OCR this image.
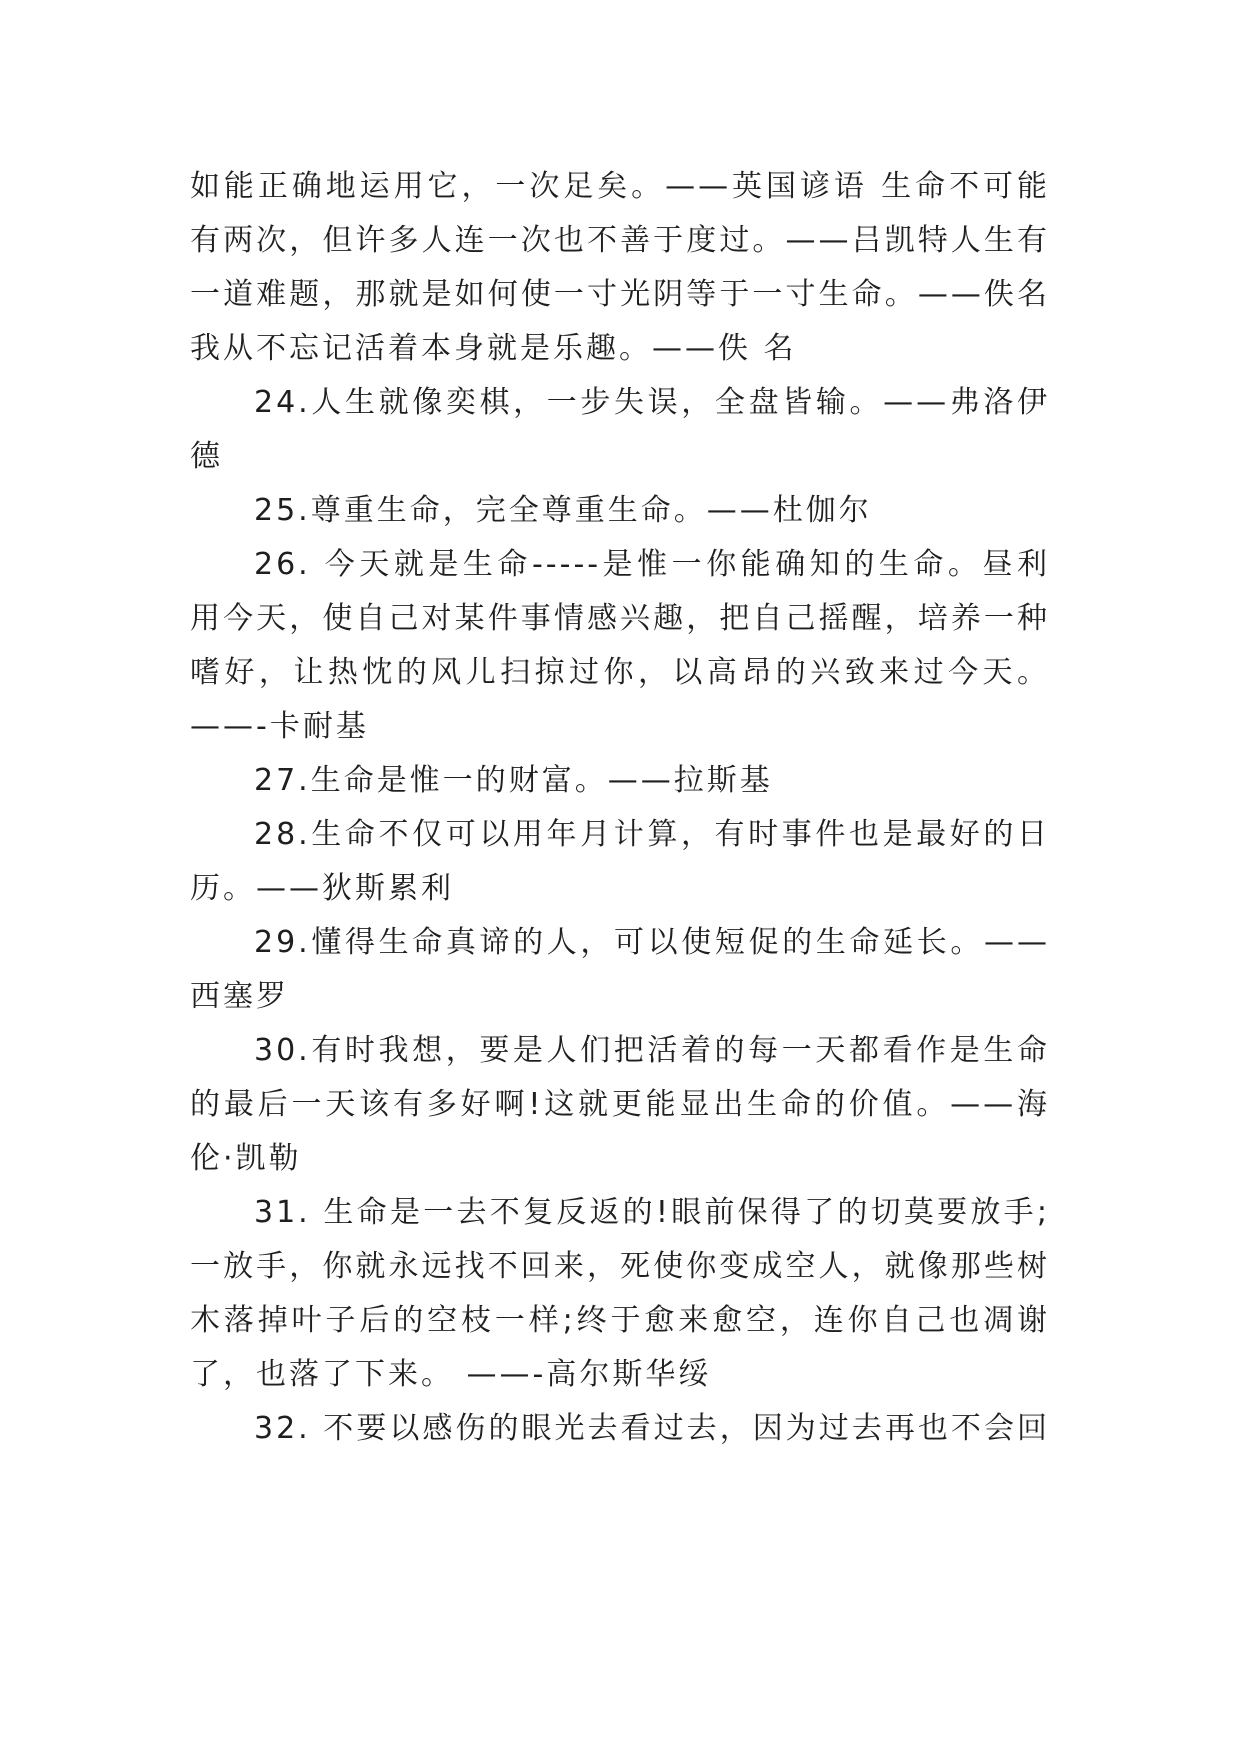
如能正确地运用它，一次足矣。——英国谚语 生命不可能
有两次，但许多人连一次也不善于度过。——吕凯特人生有
一道难题，那就是如何使一寸光阴等于一寸生命。——佚名
我从不忘记活着本身就是乐趣。——佚 名
24.人生就像奕棋，一步失误，全盘皆输。——弗洛伊
德
25.尊重生命，完全尊重生命。——杜伽尔
26. 今天就是生命-----是惟一你能确知的生命。昼利
用今天，使自己对某件事情感兴趣，把自己摇醒，培养一种
嗜好，让热忱的风儿扫掠过你，以高昂的兴致来过今天。
——-卡耐基
27.生命是惟一的财富。——拉斯基
28.生命不仅可以用年月计算，有时事件也是最好的日
历。——狄斯累利
29.懂得生命真谛的人，可以使短促的生命延长。——
西塞罗
30.有时我想，要是人们把活着的每一天都看作是生命
的最后一天该有多好啊!这就更能显出生命的价值。——海
伦·凯勒
31. 生命是一去不复反返的!眼前保得了的切莫要放手;
一放手，你就永远找不回来，死使你变成空人，就像那些树
木落掉叶子后的空枝一样;终于愈来愈空，连你自己也凋谢
了，也落了下来。 ——-高尔斯华绥
32. 不要以感伤的眼光去看过去，因为过去再也不会回
